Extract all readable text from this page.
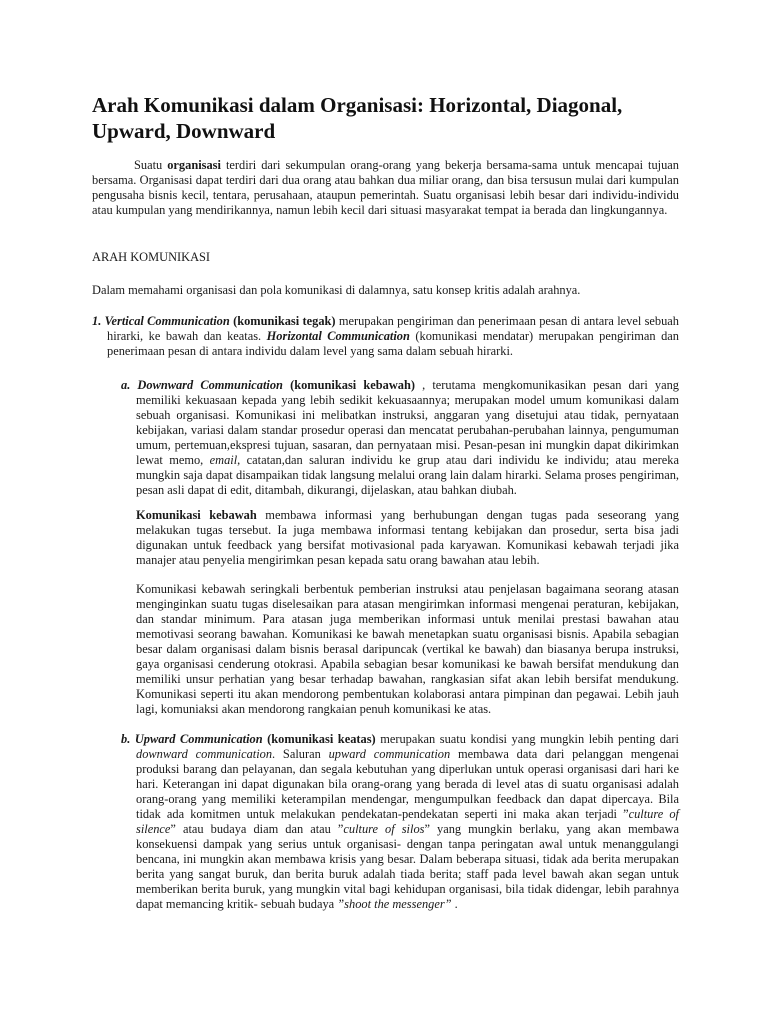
Arah Komunikasi dalam Organisasi: Horizontal, Diagonal, Upward, Downward

Suatu organisasi terdiri dari sekumpulan orang-orang yang bekerja bersama-sama untuk mencapai tujuan bersama. Organisasi dapat terdiri dari dua orang atau bahkan dua miliar orang, dan bisa tersusun mulai dari kumpulan pengusaha bisnis kecil, tentara, perusahaan, ataupun pemerintah. Suatu organisasi lebih besar dari individu-individu atau kumpulan yang mendirikannya, namun lebih kecil dari situasi masyarakat tempat ia berada dan lingkungannya.

ARAH KOMUNIKASI

Dalam memahami organisasi dan pola komunikasi di dalamnya, satu konsep kritis adalah arahnya.

1. Vertical Communication (komunikasi tegak) merupakan pengiriman dan penerimaan pesan di antara level sebuah hirarki, ke bawah dan keatas. Horizontal Communication (komunikasi mendatar) merupakan pengiriman dan penerimaan pesan di antara individu dalam level yang sama dalam sebuah hirarki.

a. Downward Communication (komunikasi kebawah) , terutama mengkomunikasikan pesan dari yang memiliki kekuasaan kepada yang lebih sedikit kekuasaannya; merupakan model umum komunikasi dalam sebuah organisasi. Komunikasi ini melibatkan instruksi, anggaran yang disetujui atau tidak, pernyataan kebijakan, variasi dalam standar prosedur operasi dan mencatat perubahan-perubahan lainnya, pengumuman umum, pertemuan,ekspresi tujuan, sasaran, dan pernyataan misi. Pesan-pesan ini mungkin dapat dikirimkan lewat memo, email, catatan,dan saluran individu ke grup atau dari individu ke individu; atau mereka mungkin saja dapat disampaikan tidak langsung melalui orang lain dalam hirarki. Selama proses pengiriman, pesan asli dapat di edit, ditambah, dikurangi, dijelaskan, atau bahkan diubah.

Komunikasi kebawah membawa informasi yang berhubungan dengan tugas pada seseorang yang melakukan tugas tersebut. Ia juga membawa informasi tentang kebijakan dan prosedur, serta bisa jadi digunakan untuk feedback yang bersifat motivasional pada karyawan. Komunikasi kebawah terjadi jika manajer atau penyelia mengirimkan pesan kepada satu orang bawahan atau lebih.

Komunikasi kebawah seringkali berbentuk pemberian instruksi atau penjelasan bagaimana seorang atasan menginginkan suatu tugas diselesaikan para atasan mengirimkan informasi mengenai peraturan, kebijakan, dan standar minimum. Para atasan juga memberikan informasi untuk menilai prestasi bawahan atau memotivasi seorang bawahan. Komunikasi ke bawah menetapkan suatu organisasi bisnis. Apabila sebagian besar dalam organisasi dalam bisnis berasal daripuncak (vertikal ke bawah) dan biasanya berupa instruksi, gaya organisasi cenderung otokrasi. Apabila sebagian besar komunikasi ke bawah bersifat mendukung dan memiliki unsur perhatian yang besar terhadap bawahan, rangkasian sifat akan lebih bersifat mendukung. Komunikasi seperti itu akan mendorong pembentukan kolaborasi antara pimpinan dan pegawai. Lebih jauh lagi, komuniaksi akan mendorong rangkaian penuh komunikasi ke atas.

b. Upward Communication (komunikasi keatas) merupakan suatu kondisi yang mungkin lebih penting dari downward communication. Saluran upward communication membawa data dari pelanggan mengenai produksi barang dan pelayanan, dan segala kebutuhan yang diperlukan untuk operasi organisasi dari hari ke hari. Keterangan ini dapat digunakan bila orang-orang yang berada di level atas di suatu organisasi adalah orang-orang yang memiliki keterampilan mendengar, mengumpulkan feedback dan dapat dipercaya. Bila tidak ada komitmen untuk melakukan pendekatan-pendekatan seperti ini maka akan terjadi ”culture of silence” atau budaya diam dan atau ”culture of silos” yang mungkin berlaku, yang akan membawa konsekuensi dampak yang serius untuk organisasi- dengan tanpa peringatan awal untuk menanggulangi bencana, ini mungkin akan membawa krisis yang besar. Dalam beberapa situasi, tidak ada berita merupakan berita yang sangat buruk, dan berita buruk adalah tiada berita; staff pada level bawah akan segan untuk memberikan berita buruk, yang mungkin vital bagi kehidupan organisasi, bila tidak didengar, lebih parahnya dapat memancing kritik- sebuah budaya ”shoot the messenger” .
